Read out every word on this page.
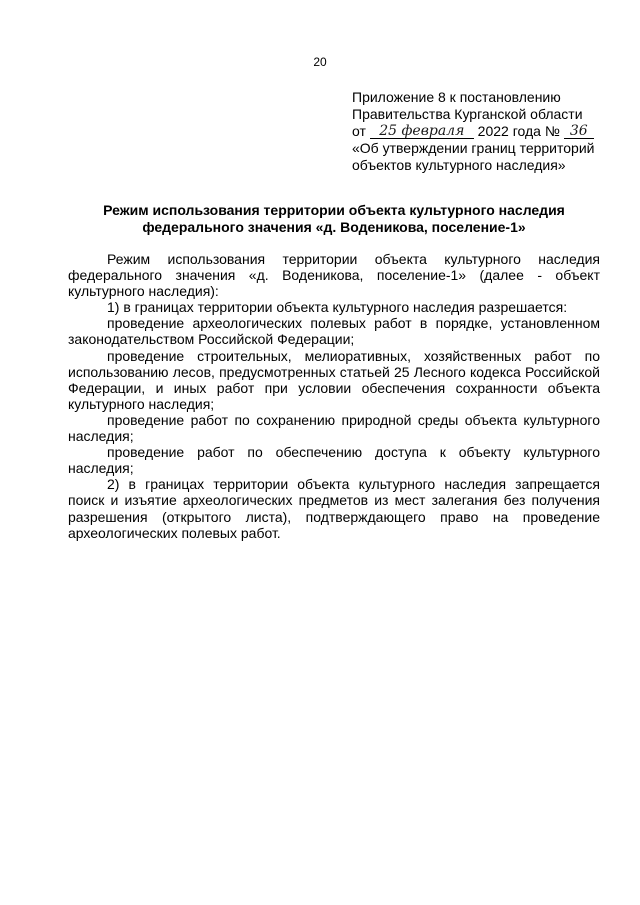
20
Приложение 8 к постановлению
Правительства Курганской области
от 25 февраля 2022 года № 36
«Об утверждении границ территорий
объектов культурного наследия»
Режим использования территории объекта культурного наследия
федерального значения «д. Воденикова, поселение-1»

Режим использования территории объекта культурного наследия федерального значения «д. Воденикова, поселение-1» (далее - объект культурного наследия):

1) в границах территории объекта культурного наследия разрешается:

проведение археологических полевых работ в порядке, установленном законодательством Российской Федерации;

проведение строительных, мелиоративных, хозяйственных работ по использованию лесов, предусмотренных статьей 25 Лесного кодекса Российской Федерации, и иных работ при условии обеспечения сохранности объекта культурного наследия;

проведение работ по сохранению природной среды объекта культурного наследия;

проведение работ по обеспечению доступа к объекту культурного наследия;

2) в границах территории объекта культурного наследия запрещается поиск и изъятие археологических предметов из мест залегания без получения разрешения (открытого листа), подтверждающего право на проведение археологических полевых работ.
